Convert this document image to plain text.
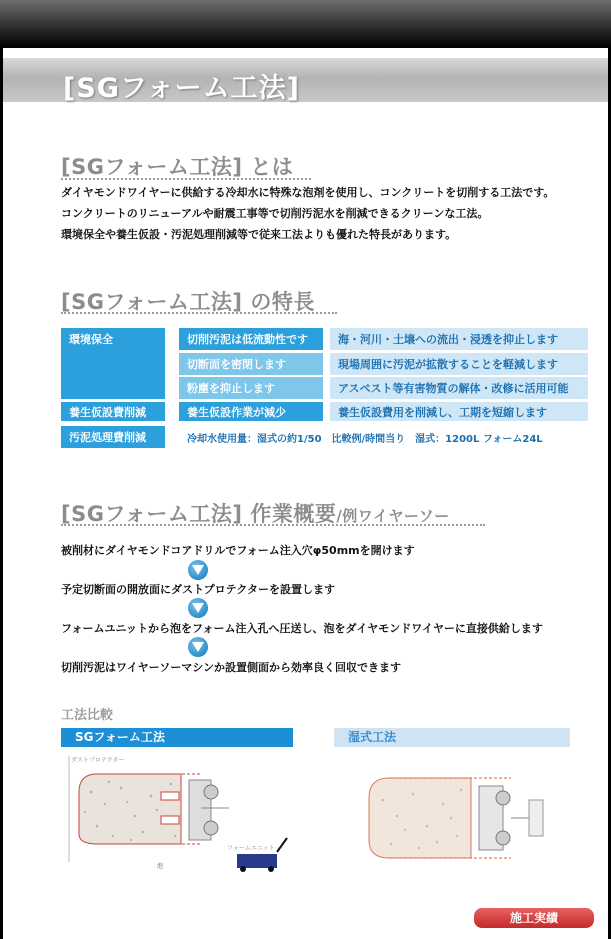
[SGフォーム工法]
[SGフォーム工法] とは
ダイヤモンドワイヤーに供給する冷却水に特殊な泡剤を使用し、コンクリートを切削する工法です。
コンクリートのリニューアルや耐震工事等で切削汚泥水を削減できるクリーンな工法。
環境保全や養生仮設・汚泥処理削減等で従来工法よりも優れた特長があります。
[SGフォーム工法] の特長
環境保全	切削汚泥は低流動性です	海・河川・土壌への流出・浸透を抑止します
切断面を密閉します	現場周囲に汚泥が拡散することを軽減します
粉塵を抑止します	アスベスト等有害物質の解体・改修に活用可能
養生仮設費削減	養生仮設作業が減少	養生仮設費用を削減し、工期を短縮します
汚泥処理費削減	冷却水使用量：湿式の約1/50　比較例/時間当り　湿式：1200L フォーム24L
[SGフォーム工法] 作業概要/例ワイヤーソー
被削材にダイヤモンドコアドリルでフォーム注入穴φ50mmを開けます
予定切断面の開放面にダストプロテクターを設置します
フォームユニットから泡をフォーム注入孔へ圧送し、泡をダイヤモンドワイヤーに直接供給します
切削汚泥はワイヤーソーマシンか設置側面から効率良く回収できます
工法比較
SGフォーム工法	湿式工法
ダストプロテクター
フォームユニット
泡
施工実績
